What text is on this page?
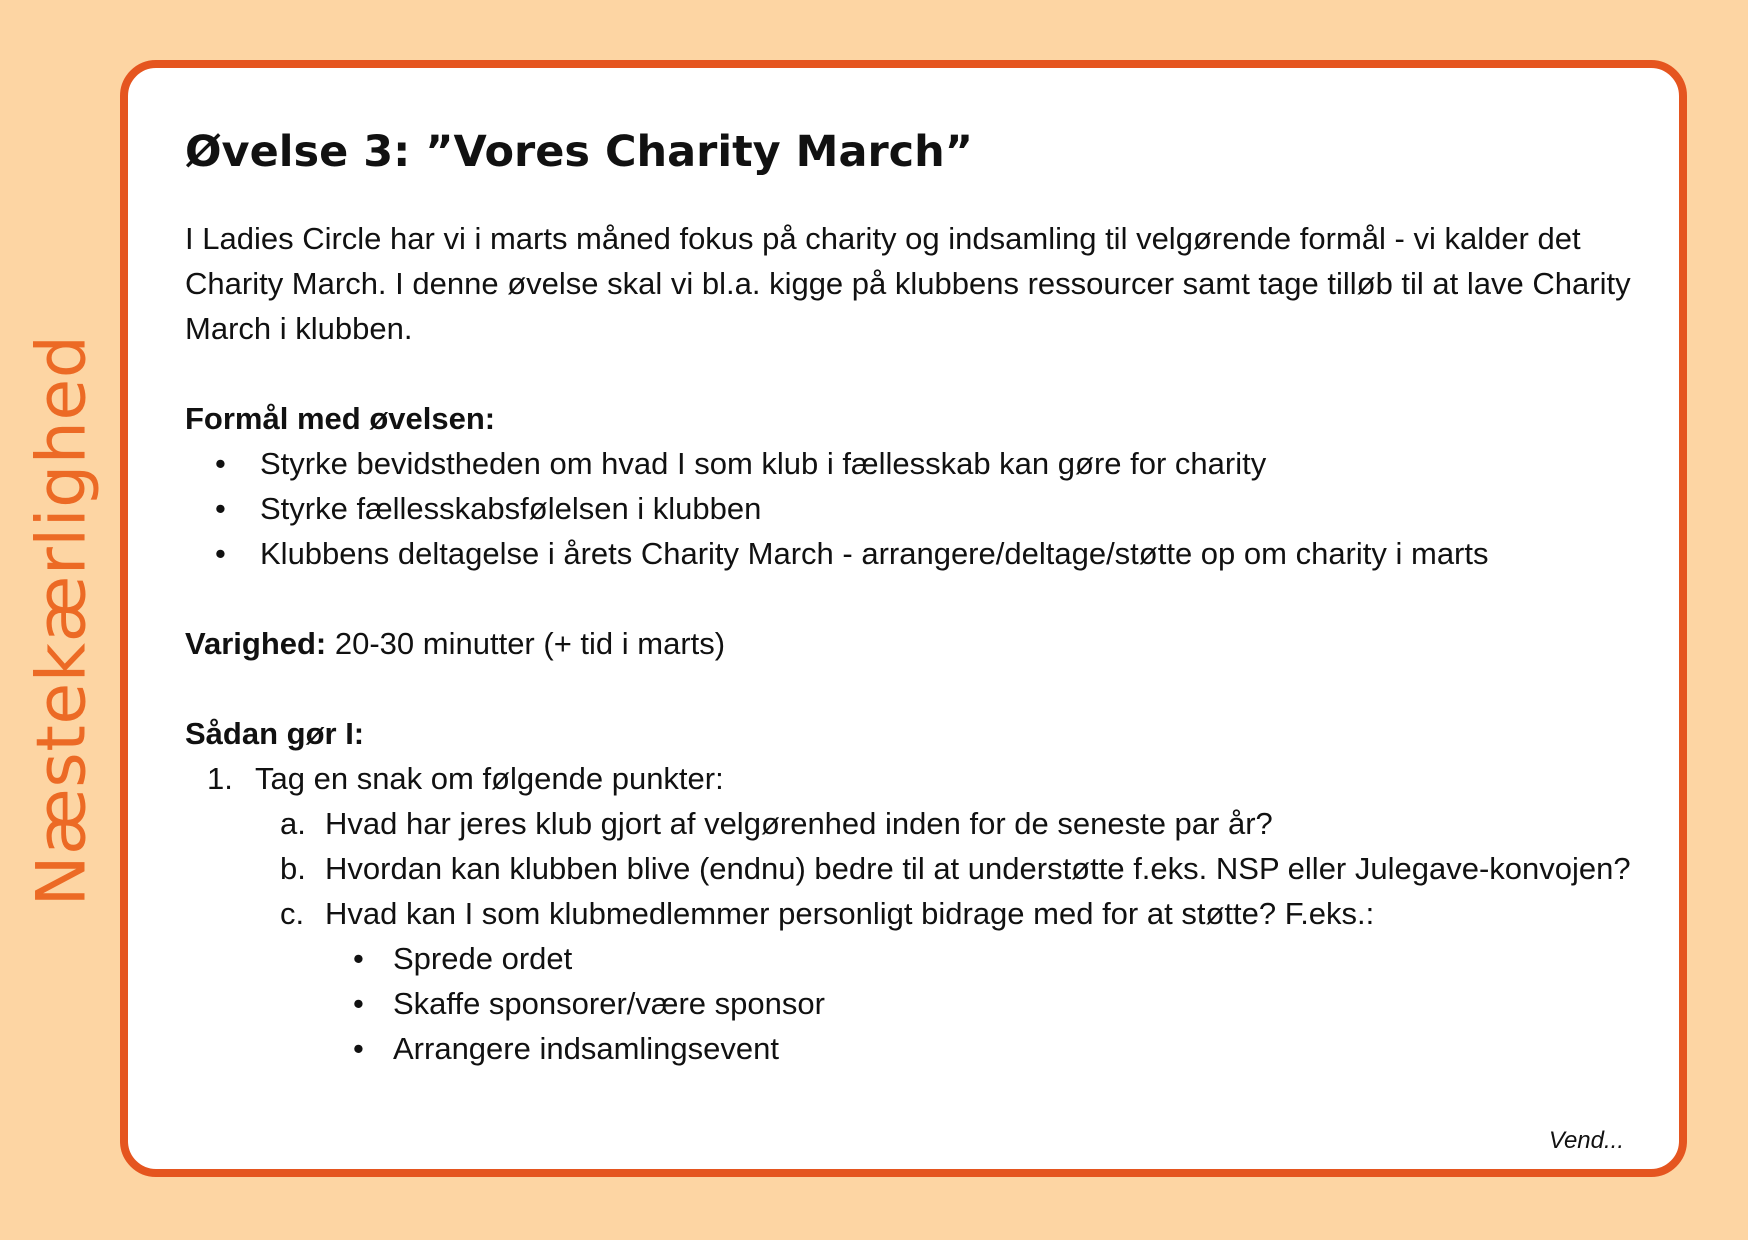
Næstekærlighed
Øvelse 3: ”Vores Charity March”

I Ladies Circle har vi i marts måned fokus på charity og indsamling til velgørende formål - vi kalder det Charity March. I denne øvelse skal vi bl.a. kigge på klubbens ressourcer samt tage tilløb til at lave Charity March i klubben.

Formål med øvelsen:

• Styrke bevidstheden om hvad I som klub i fællesskab kan gøre for charity
• Styrke fællesskabsfølelsen i klubben
• Klubbens deltagelse i årets Charity March - arrangere/deltage/støtte op om charity i marts

Varighed: 20-30 minutter (+ tid i marts)

Sådan gør I:

1. Tag en snak om følgende punkter:
a. Hvad har jeres klub gjort af velgørenhed inden for de seneste par år?
b. Hvordan kan klubben blive (endnu) bedre til at understøtte f.eks. NSP eller Julegave-konvojen?
c. Hvad kan I som klubmedlemmer personligt bidrage med for at støtte? F.eks.:
• Sprede ordet
• Skaffe sponsorer/være sponsor
• Arrangere indsamlingsevent
Vend...
